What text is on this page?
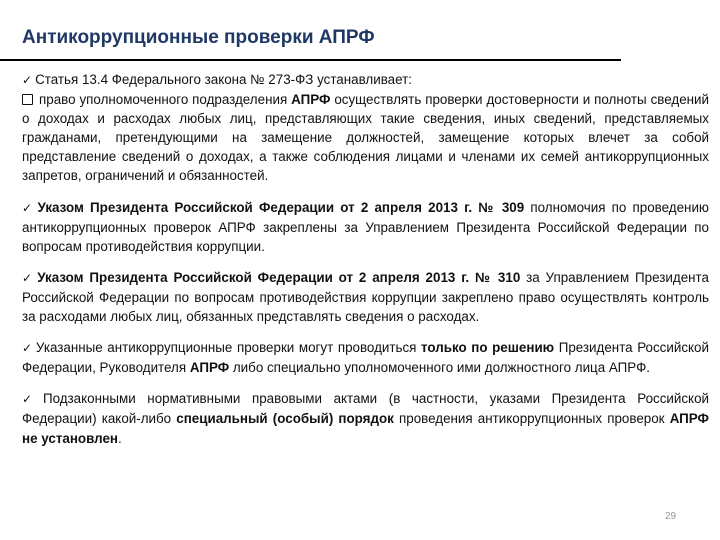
Антикоррупционные проверки АПРФ

✓ Статья 13.4 Федерального закона № 273-ФЗ устанавливает:

право уполномоченного подразделения АПРФ осуществлять проверки достоверности и полноты сведений о доходах и расходах любых лиц, представляющих такие сведения, иных сведений, представляемых гражданами, претендующими на замещение должностей, замещение которых влечет за собой представление сведений о доходах, а также соблюдения лицами и членами их семей антикоррупционных запретов, ограничений и обязанностей.

✓ Указом Президента Российской Федерации от 2 апреля 2013 г. № 309 полномочия по проведению антикоррупционных проверок АПРФ закреплены за Управлением Президента Российской Федерации по вопросам противодействия коррупции.

✓ Указом Президента Российской Федерации от 2 апреля 2013 г. № 310 за Управлением Президента Российской Федерации по вопросам противодействия коррупции закреплено право осуществлять контроль за расходами любых лиц, обязанных представлять сведения о расходах.

✓ Указанные антикоррупционные проверки могут проводиться только по решению Президента Российской Федерации, Руководителя АПРФ либо специально уполномоченного ими должностного лица АПРФ.

✓ Подзаконными нормативными правовыми актами (в частности, указами Президента Российской Федерации) какой-либо специальный (особый) порядок проведения антикоррупционных проверок АПРФ не установлен.

29
